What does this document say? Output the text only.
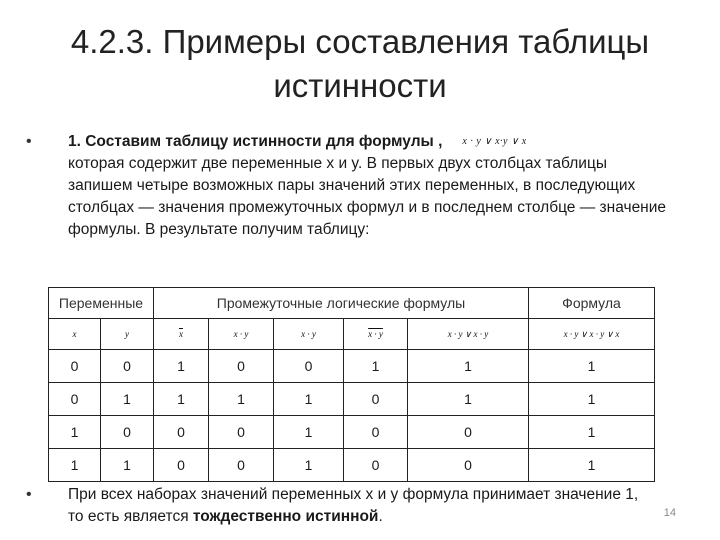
4.2.3. Примеры составления таблицы истинности
• 1. Составим таблицу истинности для формулы , x · y ∨ x·y ∨ x
которая содержит две переменные x и y. В первых двух столбцах таблицы запишем четыре возможных пары значений этих переменных, в последующих столбцах — значения промежуточных формул и в последнем столбце — значение формулы. В результате получим таблицу:
Переменные		Промежуточные логические формулы					Формула
x	y	$\overline{x}$	x · y	x · y	x · y	x · y ∨ x · y	x · y ∨ x · y ∨ x
0	0	1	0	0	1	1	1
0	1	1	1	1	0	1	1
1	0	0	0	1	0	0	1
1	1	0	0	1	0	0	1
• При всех наборах значений переменных x и y формула принимает значение 1, то есть является тождественно истинной.	14
